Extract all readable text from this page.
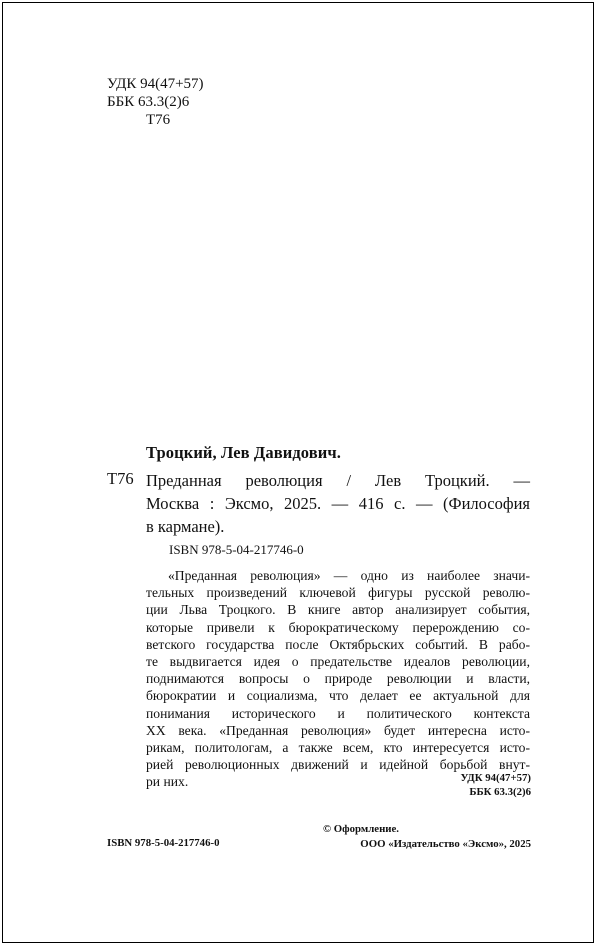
УДК 94(47+57)
ББК 63.3(2)6
Т76
Троцкий, Лев Давидович.
Т76 Преданная революция / Лев Троцкий. —
Москва : Эксмо, 2025. — 416 с. — (Философия
в кармане).
ISBN 978-5-04-217746-0
«Преданная революция» — одно из наиболее значи-
тельных произведений ключевой фигуры русской револю-
ции Льва Троцкого. В книге автор анализирует события,
которые привели к бюрократическому перерождению со-
ветского государства после Октябрьских событий. В рабо-
те выдвигается идея о предательстве идеалов революции,
поднимаются вопросы о природе революции и власти,
бюрократии и социализма, что делает ее актуальной для
понимания исторического и политического контекста
XX века. «Преданная революция» будет интересна исто-
рикам, политологам, а также всем, кто интересуется исто-
рией революционных движений и идейной борьбой внут-
ри них.	УДК 94(47+57)
ББК 63.3(2)6
© Оформление.
ООО «Издательство «Эксмо», 2025
ISBN 978-5-04-217746-0
